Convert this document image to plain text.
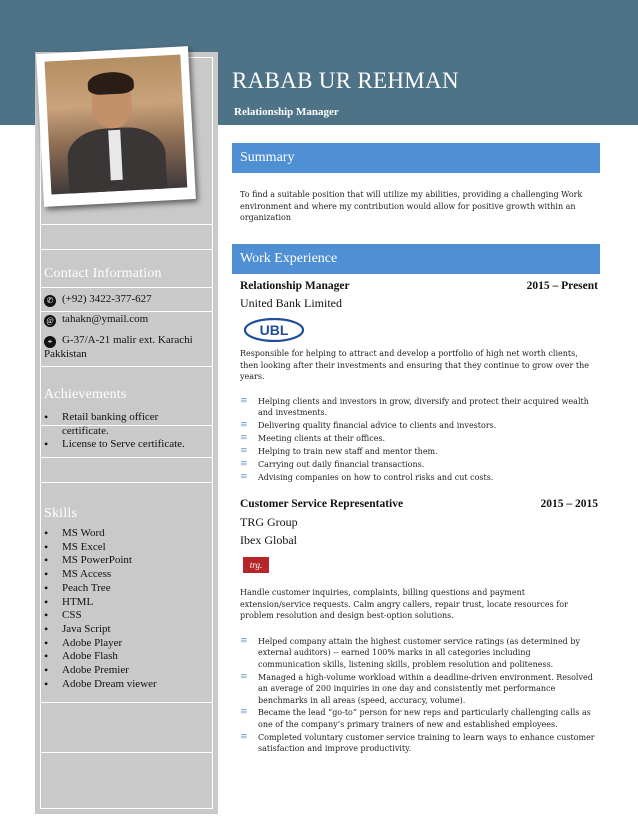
Contact Information
✆ (+92) 3422-377-627
@ tahakn@ymail.com
⌖ G-37/A-21 malir ext. Karachi
Pakkistan
Achievements
• Retail banking officer
certificate.
• License to Serve certificate.
Skills
• MS Word
• MS Excel
• MS PowerPoint
• MS Access
• Peach Tree
• HTML
• CSS
• Java Script
• Adobe Player
• Adobe Flash
• Adobe Premier
• Adobe Dream viewer
RABAB UR REHMAN
Relationship Manager
Summary
To find a suitable position that will utilize my abilities, providing a challenging Work environment and where my contribution would allow for positive growth within an organization
Work Experience
Relationship Manager	2015 – Present
United Bank Limited
UBL
Responsible for helping to attract and develop a portfolio of high net worth clients, then looking after their investments and ensuring that they continue to grow over the years.
≡ Helping clients and investors in grow, diversify and protect their acquired wealth and investments.
≡ Delivering quality financial advice to clients and investors.
≡ Meeting clients at their offices.
≡ Helping to train new staff and mentor them.
≡ Carrying out daily financial transactions.
≡ Advising companies on how to control risks and cut costs.
Customer Service Representative	2015 – 2015
TRG Group
Ibex Global
trg.
Handle customer inquiries, complaints, billing questions and payment extension/service requests. Calm angry callers, repair trust, locate resources for problem resolution and design best-option solutions.
≡ Helped company attain the highest customer service ratings (as determined by external auditors) -- earned 100% marks in all categories including communication skills, listening skills, problem resolution and politeness.
≡ Managed a high-volume workload within a deadline-driven environment. Resolved an average of 200 inquiries in one day and consistently met performance benchmarks in all areas (speed, accuracy, volume).
≡ Became the lead “go-to” person for new reps and particularly challenging calls as one of the company’s primary trainers of new and established employees.
≡ Completed voluntary customer service training to learn ways to enhance customer satisfaction and improve productivity.
